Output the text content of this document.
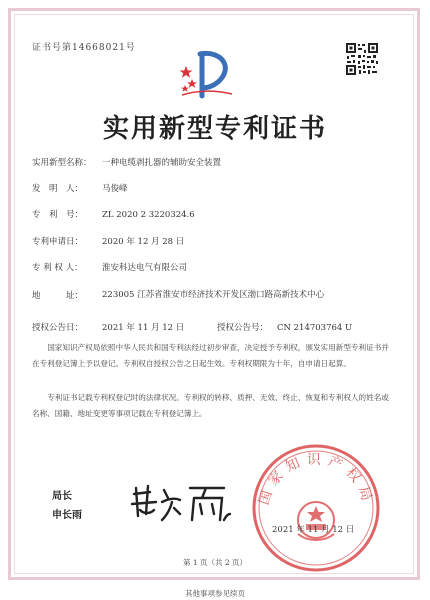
证书号第14668021号
实用新型专利证书
实用新型名称： 一种电缆剥扎器的辅助安全装置
发　明　人： 马俊峰
专　利　号： ZL 2020 2 3220324.6
专利申请日： 2020 年 12 月 28 日
专 利 权 人： 淮安科达电气有限公司
地　　　址： 223005 江苏省淮安市经济技术开发区渤口路高新技术中心
授权公告日： 2021 年 11 月 12 日	授权公告号： CN 214703764 U
国家知识产权局依照中华人民共和国专利法经过初步审查，决定授予专利权，颁发实用新型专利证书并在专利登记簿上予以登记。专利权自授权公告之日起生效。专利权期限为十年，自申请日起算。
专利证书记载专利权登记时的法律状况。专利权的转移、质押、无效、终止、恢复和专利权人的姓名或名称、国籍、地址变更等事项记载在专利登记簿上。
局长
申长雨
国家知识产权局
2021 年 11 月 12 日
第 1 页（共 2 页）
其他事项参见续页
